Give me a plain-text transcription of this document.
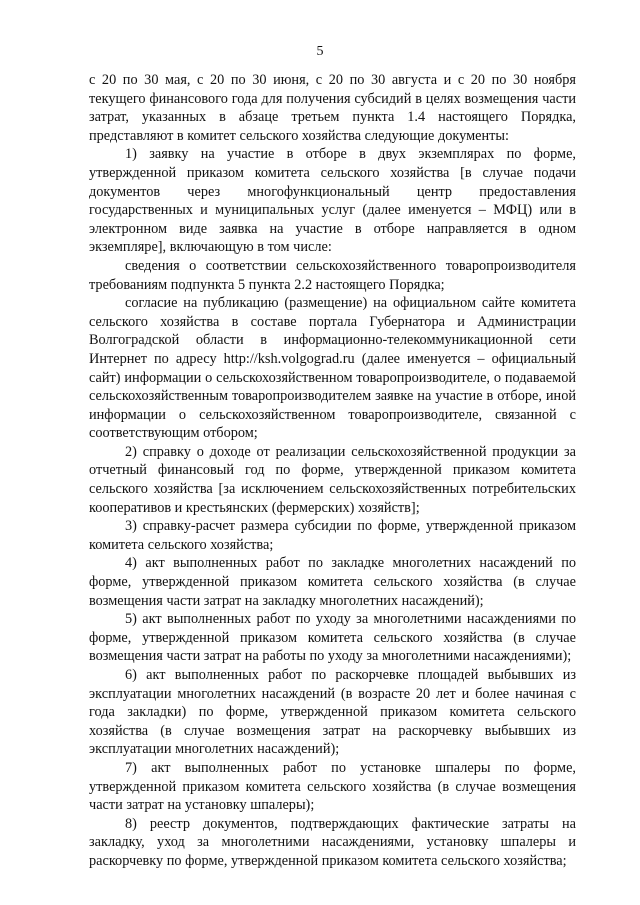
5

с 20 по 30 мая, с 20 по 30 июня, с 20 по 30 августа и с 20 по 30 ноября текущего финансового года для получения субсидий в целях возмещения части затрат, указанных в абзаце третьем пункта 1.4 настоящего Порядка, представляют в комитет сельского хозяйства следующие документы:

1) заявку на участие в отборе в двух экземплярах по форме, утвержденной приказом комитета сельского хозяйства [в случае подачи документов через многофункциональный центр предоставления государственных и муниципальных услуг (далее именуется – МФЦ) или в электронном виде заявка на участие в отборе направляется в одном экземпляре], включающую в том числе:

сведения о соответствии сельскохозяйственного товаропроизводителя требованиям подпункта 5 пункта 2.2 настоящего Порядка;

согласие на публикацию (размещение) на официальном сайте комитета сельского хозяйства в составе портала Губернатора и Администрации Волгоградской области в информационно-телекоммуникационной сети Интернет по адресу http://ksh.volgograd.ru (далее именуется – официальный сайт) информации о сельскохозяйственном товаропроизводителе, о подаваемой сельскохозяйственным товаропроизводителем заявке на участие в отборе, иной информации о сельскохозяйственном товаропроизводителе, связанной с соответствующим отбором;

2) справку о доходе от реализации сельскохозяйственной продукции за отчетный финансовый год по форме, утвержденной приказом комитета сельского хозяйства [за исключением сельскохозяйственных потребительских кооперативов и крестьянских (фермерских) хозяйств];

3) справку-расчет размера субсидии по форме, утвержденной приказом комитета сельского хозяйства;

4) акт выполненных работ по закладке многолетних насаждений по форме, утвержденной приказом комитета сельского хозяйства (в случае возмещения части затрат на закладку многолетних насаждений);

5) акт выполненных работ по уходу за многолетними насаждениями по форме, утвержденной приказом комитета сельского хозяйства (в случае возмещения части затрат на работы по уходу за многолетними насаждениями);

6) акт выполненных работ по раскорчевке площадей выбывших из эксплуатации многолетних насаждений (в возрасте 20 лет и более начиная с года закладки) по форме, утвержденной приказом комитета сельского хозяйства (в случае возмещения затрат на раскорчевку выбывших из эксплуатации многолетних насаждений);

7) акт выполненных работ по установке шпалеры по форме, утвержденной приказом комитета сельского хозяйства (в случае возмещения части затрат на установку шпалеры);

8) реестр документов, подтверждающих фактические затраты на закладку, уход за многолетними насаждениями, установку шпалеры и раскорчевку по форме, утвержденной приказом комитета сельского хозяйства;
